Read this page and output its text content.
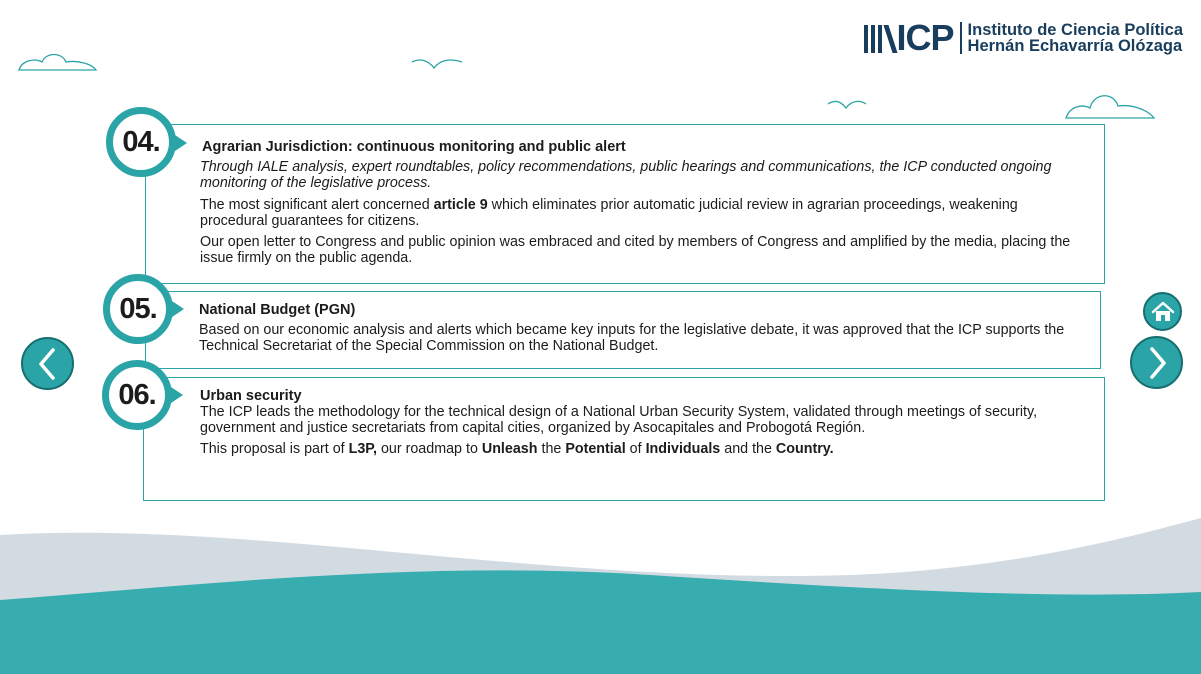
ICP Instituto de Ciencia Política
Hernán Echavarría Olózaga
Agrarian Jurisdiction: continuous monitoring and public alert

Through IALE analysis, expert roundtables, policy recommendations, public hearings and communications, the ICP conducted ongoing monitoring of the legislative process.

The most significant alert concerned article 9 which eliminates prior automatic judicial review in agrarian proceedings, weakening procedural guarantees for citizens.

Our open letter to Congress and public opinion was embraced and cited by members of Congress and amplified by the media, placing the issue firmly on the public agenda.

04.
National Budget (PGN)

Based on our economic analysis and alerts which became key inputs for the legislative debate, it was approved that the ICP supports the Technical Secretariat of the Special Commission on the National Budget.

05.
Urban security

The ICP leads the methodology for the technical design of a National Urban Security System, validated through meetings of security, government and justice secretariats from capital cities, organized by Asocapitales and Probogotá Región.

This proposal is part of L3P, our roadmap to Unleash the Potential of Individuals and the Country.

06.
